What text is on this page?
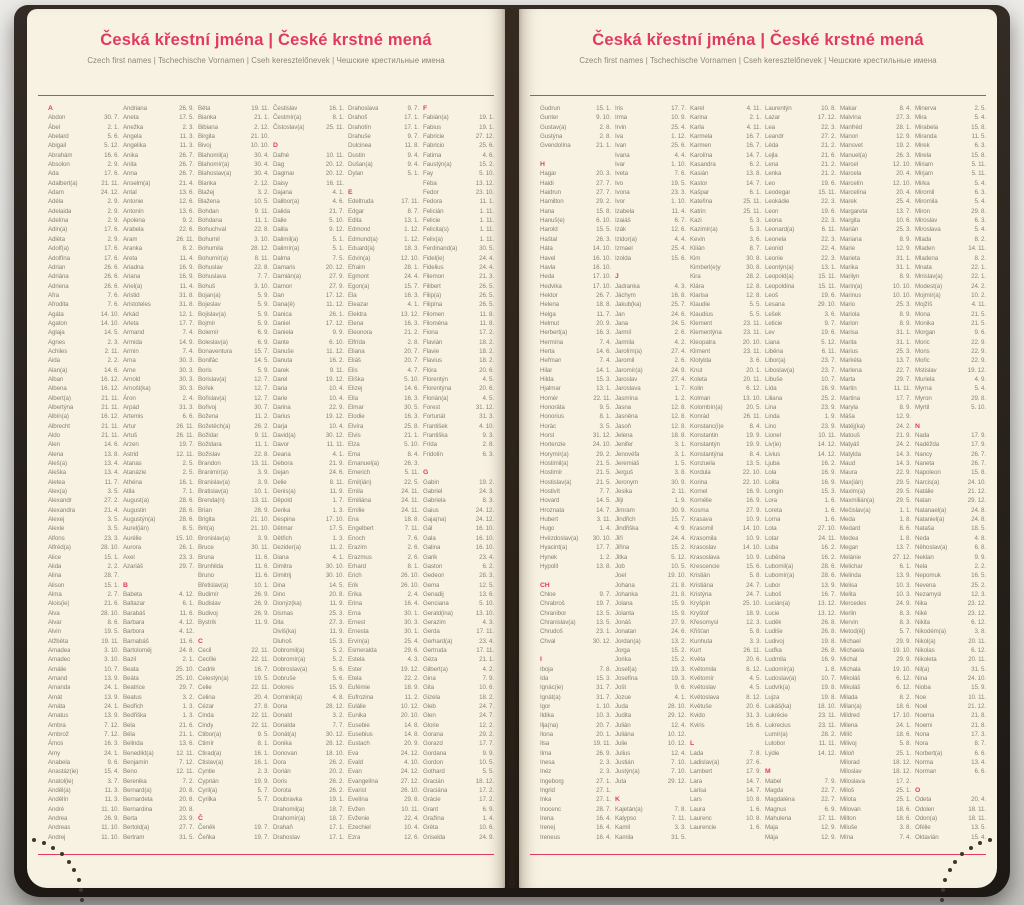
Česká křestní jména | České krstné mená
Czech first names | Tschechische Vornamen | Cseh keresztelőnevek | Чешские крестильные имена
A
Abdon	30. 7.
Ábel	2. 1.
Abelard	5. 6.
Abigail	5. 12.
Abrahám	16. 6.
Absolon	2. 9.
Ada	17. 6.
Adalbert(a)	21. 11.
Adam	24. 12.
Adéla	2. 9.
Adelaida	2. 9.
Adelína	2. 9.
Adin(a)	17. 6.
Adléta	2. 9.
Adolf(a)	17. 6.
Adolfína	17. 6.
Adrian	26. 6.
Adriána	26. 6.
Adriena	26. 6.
Afra	7. 6.
Afrodita	7. 6.
Agáta	14. 10.
Agaton	14. 10.
Aglaja	14. 5.
Agnes	2. 3.
Achiles	2. 11.
Aida	2. 2.
Alan(a)	14. 6.
Alban	16. 12.
Albena	16. 12.
Albert(a)	21. 11.
Albertýna	21. 11.
Albín(a)	16. 12.
Albrecht	21. 11.
Aldo	21. 11.
Alen	14. 6.
Alena	13. 8.
Aleš(a)	13. 4.
Aleška	13. 4.
Aletea	11. 7.
Alex(a)	3. 5.
Alexandr	27. 2.
Alexandra	21. 4.
Alexej	3. 5.
Alexie	3. 5.
Alfons	23. 3.
Alfréd(a)	28. 10.
Alice	15. 1.
Alida	2. 2.
Alina	28. 7.
Alison	15. 1.
Alma	2. 7.
Alois(ie)	21. 6.
Alva	28. 10.
Alvar	8. 6.
Alvin	19. 5.
Alžběta	19. 11.
Amadea	3. 10.
Amadeo	3. 10.
Amálie	10. 7.
Amand	13. 9.
Amanda	24. 1.
Amát	13. 9.
Amáta	24. 1.
Amatus	13. 9.
Ambra	7. 12.
Ambrož	7. 12.
Ámos	16. 3.
Amy	24. 1.
Anabela	9. 6.
Anastáz(ie)	15. 4.
Anatol(ie)	3. 7.
Anděl(a)	11. 3.
Andělín	11. 3.
André	11. 10.
Andrea	26. 9.
Andreas	11. 10.
Andrej	11. 10.
Andriana	26. 9.
Aneta	17. 5.
Anežka	2. 3.
Angela	11. 3.
Angelika	11. 3.
Anika	26. 7.
Anita	26. 7.
Anna	26. 7.
Anselm(a)	21. 4.
Antal	13. 6.
Antonie	12. 6.
Antonín	13. 6.
Apolena	9. 2.
Arabela	22. 6.
Aram	26. 11.
Aranka	8. 2.
Areta	11. 4.
Ariadna	16. 9.
Ariana	16. 9.
Ariel(a)	11. 4.
Aristid	31. 8.
Aristoteles	31. 8.
Arkád	12. 1.
Arleta	17. 7.
Armand	7. 4.
Armida	14. 9.
Armin	7. 4.
Arna	30. 3.
Arne	30. 3.
Arnold	30. 3.
Arnošt(ka)	30. 3.
Áron	2. 4.
Arpád	31. 3.
Artemis	6. 6.
Artur	26. 11.
Artuš	26. 11.
Arzen	19. 7.
Astrid	12. 11.
Atanas	2. 5.
Atanázie	2. 5.
Athéna	16. 1.
Atila	7. 1.
August(a)	28. 6.
Augustin	28. 6.
Augustýn(a)	28. 6.
Aurel(ián)	8. 5.
Aurélie	15. 10.
Aurora	26. 1.
Axel	23. 3.
Azariáš	29. 7.

B
Babeta	4. 12.
Baltazar	6. 1.
Barabáš	11. 6.
Barbara	4. 12.
Barbora	4. 12.
Barnabáš	11. 6.
Bartoloměj	24. 8.
Bazil	2. 1.
Beata	25. 10.
Beáta	25. 10.
Beatrice	29. 7.
Beatus	3. 2.
Bedřich	1. 3.
Bedřiška	1. 3.
Bela	21. 6.
Béla	21. 1.
Belinda	13. 6.
Benedikt(a)	12. 11.
Benjamín	7. 12.
Beno	12. 11.
Berenika	7. 2.
Bernard(a)	20. 8.
Bernardeta	20. 8.
Bernardina	20. 8.
Berta	23. 9.
Bertold(a)	27. 7.
Bertram	31. 5.
Běta	19. 11.
Bianka	21. 1.
Bibiana	2. 12.
Birgita	21. 10.
Bivoj	10. 10.
Blahomil(a)	30. 4.
Blahomír(a)	30. 4.
Blahoslav(a)	30. 4.
Blanka	2. 12.
Blažej	3. 2.
Blažena	10. 5.
Bohdan	9. 11.
Bohdana	11. 1.
Bohuchval	22. 8.
Bohumil	3. 10.
Bohumila	28. 12.
Bohumír(a)	8. 11.
Bohuslav	22. 8.
Bohuslava	7. 7.
Bohuš	3. 10.
Bojan(a)	5. 9.
Bojeslav	5. 9.
Bojislav(a)	5. 9.
Bojmír	5. 9.
Bolemír	6. 9.
Boleslav(a)	6. 9.
Bonaventura	15. 7.
Bonifác	14. 5.
Boris	5. 9.
Borislav(a)	12. 7.
Bořek	12. 7.
Bořislav(a)	12. 7.
Bořivoj	30. 7.
Božena	11. 2.
Božetěch(a)	26. 2.
Božidar	9. 11.
Božidara	11. 1.
Božislav	22. 8.
Brandon	13. 11.
Branimír(a)	3. 9.
Branislav(a)	3. 9.
Bratislav(a)	10. 1.
Brenda(n)	13. 11.
Brian	28. 9.
Brigita	21. 10.
Brit(a)	21. 10.
Bronislav(a)	3. 9.
Bruce	30. 11.
Bruna	11. 6.
Brunhilda	11. 6.
Bruno	11. 6.
Břetislav(a)	10. 1.
Budimír	26. 9.
Budislav	26. 9.
Budivoj	26. 9.
Bystrík	11. 9.

C
Cecil	22. 11.
Cecílie	22. 11.
Cedrik	16. 7.
Celestýn(a)	19. 5.
Celie	22. 11.
Celina	20. 4.
Cézar	27. 8.
Cinda	22. 11.
Cindy	22. 11.
Ctibor(a)	9. 5.
Ctimír	8. 1.
Ctirad(a)	16. 1.
Ctislav(a)	16. 1.
Cyntie	2. 3.
Cyprián	19. 9.
Cyril(a)	5. 7.
Cyrilka	5. 7.

Č
Čeněk	19. 7.
Čeňka	19. 7.
Čestislav	16. 1.
Čestmír(a)	8. 1.
Čistoslav(a)	25. 11.

D
Dafné	10. 11.
Dag	20. 12.
Dagmar	20. 12.
Daisy	16. 11.
Dajana	4. 1.
Dalibor(a)	4. 6.
Dalida	21. 7.
Dalie	5. 10.
Dalila	9. 12.
Dalimil(a)	5. 1.
Dalimír(a)	5. 1.
Dalma	7. 5.
Damaris	20. 12.
Damián(a)	27. 9.
Damon	27. 9.
Dan	17. 12.
Dana(ě)	11. 12.
Danica	26. 1.
Daniel	17. 12.
Daniela	9. 9.
Dante	6. 10.
Danuše	11. 12.
Danuta	16. 2.
Darek	9. 11.
Darel	19. 12.
Daria	10. 4.
Darie	10. 4.
Darina	22. 9.
Darius	19. 12.
Darja	10. 4.
David(a)	30. 12.
Davor	11. 11.
Deana	4. 1.
Debora	21. 9.
Dejan	24. 6.
Delie	8. 11.
Denis(a)	11. 9.
Děpold	1. 7.
Derika	1. 3.
Despina	17. 10.
Dětmar	17. 5.
Dětřich	1. 3.
Dezider(a)	11. 2.
Diana	4. 1.
Dimitra	30. 10.
Dimitrij	30. 10.
Dina	14. 5.
Dino	20. 8.
Dionýz(ka)	11. 9.
Dismas	25. 3.
Dita	27. 3.
Diviš(ka)	11. 9.
Dluhoš	15. 3.
Dobromil(a)	5. 2.
Dobromír(a)	5. 2.
Dobroslav(a)	5. 6.
Dobruše	5. 6.
Dolores	15. 9.
Dominik(a)	4. 8.
Dona	28. 12.
Donald	3. 2.
Donalda	7. 7.
Donát(a)	30. 12.
Donika	28. 12.
Donovan	18. 10.
Dora	26. 2.
Dorián	20. 2.
Doris	26. 2.
Dorota	26. 2.
Doubravka	19. 1.
Drahomil(a)	18. 7.
Drahomír(a)	18. 7.
Drahaň	17. 1.
Drahoslav	17. 1.
Drahoslava	9. 7.
Drahoš	17. 1.
Drahotín	17. 1.
Drahuše	9. 7.
Dulcinea	11. 8.
Dustin	9. 4.
Dušan(a)	9. 4.
Dylan	5. 1.

E
Edeltruda	17. 11.
Edgar	8. 7.
Edita	13. 1.
Edmond	1. 12.
Edmund(a)	1. 12.
Eduard(a)	18. 3.
Edvin(a)	12. 10.
Efraim	28. 1.
Egmont	24. 4.
Egon(a)	15. 7.
Ela	16. 3.
Eleazar	4. 1.
Elektra	13. 12.
Elena	16. 3.
Eleonora	21. 2.
Elfrída	2. 8.
Eliana	20. 7.
Eliáš	20. 7.
Elis	4. 7.
Eliška	5. 10.
Elizej	14. 6.
Ella	16. 3.
Elmar	30. 5.
Elodie	16. 3.
Elvíra	25. 8.
Elvis	21. 1.
Elza	5. 10.
Ema	8. 4.
Emanuel(a)	26. 3.
Emerich	5. 11.
Emil(ián)	22. 5.
Emila	24. 11.
Emiliána	24. 11.
Emílie	24. 11.
Ena	18. 8.
Engelbert	7. 11.
Enoch	7. 6.
Erazim	2. 6.
Erazmus	2. 6.
Erhard	8. 1.
Erich	26. 10.
Erik	26. 10.
Erika	2. 4.
Erina	16. 4.
Erna	30. 1.
Ernest	30. 3.
Ernesta	30. 1.
Ervín(a)	25. 4.
Esmeralda	29. 6.
Estela	4. 3.
Ester	19. 12.
Etela	22. 2.
Eufémie	18. 9.
Eufrozina	11. 2.
Eulálie	10. 12.
Eunika	20. 10.
Eusebie	14. 8.
Eusebius	14. 8.
Eustach	20. 9.
Eva	24. 12.
Evald	4. 10.
Evan	24. 12.
Evangelína	27. 12.
Evarist	26. 10.
Evelína	29. 8.
Evžen	10. 11.
Evženie	22. 4.
Ezechiel	10. 4.
Ezra	12. 6.
F
Fabián(a)	19. 1.
Fabius	19. 1.
Fabricie	27. 12.
Fabricio	25. 6.
Fatima	4. 6.
Faustýn(a)	15. 2.
Fay	5. 10.
Féba	13. 12.
Fedor	23. 10.
Fedora	11. 1.
Felicián	1. 11.
Felicie	1. 11.
Felicita(s)	1. 11.
Felix(a)	1. 11.
Ferdinand(a)	30. 5.
Fidel(ie)	24. 4.
Fidelius	24. 4.
Filemon	21. 3.
Filibert	26. 5.
Filip(a)	26. 5.
Filipína	26. 5.
Filomen	11. 8.
Filoména	11. 8.
Fiona	17. 2.
Flavián	18. 2.
Flavie	18. 2.
Flavius	18. 2.
Flóra	20. 6.
Florentýn	4. 5.
Florentýna	20. 6.
Florián(a)	4. 5.
Forest	31. 12.
Fortunát	31. 3.
František	4. 10.
Františka	9. 3.
Frída	2. 8.
Fridolín	6. 3.

G
Gabin	19. 2.
Gabriel	24. 3.
Gabriela	8. 3.
Gaius	24. 12.
Gaja(na)	24. 12.
Gál	16. 10.
Gala	16. 10.
Galina	16. 10.
Garik	23. 4.
Gaston	6. 2.
Gedeon	28. 3.
Gema	12. 5.
Genadij	13. 6.
Genciana	5. 10.
Gerald(ina)	13. 10.
Gerazim	4. 3.
Gerda	17. 11.
Gerhard(a)	23. 4.
Gertruda	17. 11.
Géza	21. 1.
Gilbert(a)	4. 2.
Gina	7. 9.
Gita	10. 6.
Gizela	18. 2.
Gleb	24. 7.
Glen	24. 7.
Glorie	12. 2.
Gorana	29. 2.
Gorazd	17. 7.
Gordana	9. 9.
Gordon	10. 5.
Gothard	5. 5.
Gracián	18. 12.
Graciána	17. 2.
Grácie	17. 2.
Grant	6. 9.
Gražina	1. 4.
Gréta	10. 6.
Griselda	24. 9.
Česká křestní jména | České krstné mená
Czech first names | Tschechische Vornamen | Cseh keresztelőnevek | Чешские крестильные имена
Gudrun	15. 1.
Gunter	9. 10.
Gustav(a)	2. 8.
Gustýna	2. 8.
Gvendolína	21. 1.

H
Hagar	20. 3.
Haidi	27. 7.
Haidrun	27. 7.
Hamilton	29. 2.
Hana	15. 8.
Hanuš(e)	6. 10.
Harold	15. 5.
Haštal	26. 3.
Háta	14. 10.
Havel	16. 10.
Havla	16. 10.
Heda	17. 10.
Hedvika	17. 10.
Hektor	26. 7.
Helena	18. 8.
Helga	11. 7.
Helmut	20. 9.
Herbert(a)	16. 3.
Hermína	7. 4.
Herta	14. 6.
Heřman	7. 4.
Hilar	14. 1.
Hilda	15. 3.
Hjalmar	13. 1.
Homér	22. 11.
Honoráta	9. 5.
Honorius	8. 1.
Horác	3. 5.
Horst	31. 12.
Hortenzie	24. 10.
Horymír(a)	29. 2.
Hostimil(a)	21. 5.
Hostimír	21. 5.
Hostislav(a)	21. 5.
Hostivít	7. 7.
Hovard	14. 5.
Hroznata	14. 7.
Hubert	3. 11.
Hugo	1. 4.
Hvězdoslav(a) 30. 10.
Hyacint(a)	17. 7.
Hynek	1. 2.
Hypolit	13. 8.

CH
Chloe	9. 7.
Chrabroš	19. 7.
Chranibor	13. 5.
Chranislav(a)	13. 5.
Chrudoš	23. 1.
Chval	30. 12.

I
Iboja	7. 8.
Ida	15. 3.
Ignác(ie)	31. 7.
Ignát(a)	31. 7.
Igor	1. 10.
Ildika	10. 3.
Ilja(na)	20. 7.
Ilona	20. 1.
Ilsa	19. 11.
Ilma	26. 9.
Inesa	2. 3.
Inéz	2. 3.
Ingeborg	27. 1.
Ingrid	27. 1.
Inka	27. 1.
Inocenc	28. 7.
Irena	16. 4.
Irenej	16. 4.
Ireneus	16. 4.
Iris	17. 7.
Irma	10. 9.
Irvin	25. 4.
Iva	1. 12.
Ivan	25. 6.
Ivana	4. 4.
Ivar	1. 10.
Iveta	7. 6.
Ivo	19. 5.
Ivona	23. 3.
Ivor	1. 10.
Izabela	11. 4.
Izaiáš	6. 7.
Izák	12. 6.
Izidor(a)	4. 4.
Izmael	25. 4.
Izolda	15. 6.

J
Jadranka	4. 3.
Jáchym	16. 8.
Jakub(ka)	25. 7.
Jan	24. 6.
Jana	24. 5.
Jarmil	2. 6.
Jarmila	4. 2.
Jarolím(a)	27. 4.
Jaromil	2. 6.
Jaromír(a)	24. 9.
Jaroslav	27. 4.
Jaroslava	1. 7.
Jasmína	1. 2.
Jasna	12. 8.
Jasněna	12. 8.
Jasoň	12. 8.
Jelena	18. 8.
Jenifer	3. 1.
Jenovéfa	3. 1.
Jeremiáš	1. 5.
Jerguš	3. 8.
Jeronym	30. 9.
Jesika	2. 11.
Jiljí	1. 9.
Jimram	30. 9.
Jindřich	15. 7.
Jindřiška	4. 9.
Jiří	24. 4.
Jiřina	15. 2.
Jitka	5. 12.
Job	10. 5.
Joel	19. 10.
Johana	21. 8.
Johanka	21. 8.
Jolana	15. 9.
Jolanta	15. 9.
Jonáš	27. 9.
Jonatan	24. 6.
Jordan(a)	13. 2.
Jorga	15. 2.
Jorika	15. 2.
Josef(a)	19. 3.
Josefína	19. 3.
Jošt	9. 6.
Jozue	4. 1.
Juda	28. 10.
Judita	29. 12.
Julián	12. 4.
Juliána	10. 12.
Julie	10. 12.
Julius	12. 4.
Justián	7. 10.
Justýn(a)	7. 10.
Juta	29. 12.

K
Kajetán(a)	7. 8.
Kalypso	7. 11.
Kamil	3. 3.
Kamila	31. 5.
Karel	4. 11.
Karina	2. 1.
Karla	4. 11.
Karmela	16. 7.
Karmen	16. 7.
Karolína	14. 7.
Kasandra	6. 2.
Kasián	13. 8.
Kastor	14. 7.
Kašpar	6. 1.
Kateřina	25. 11.
Katrin	25. 11.
Kazi	5. 3.
Kazimír(a)	5. 3.
Kevin	3. 6.
Kilián	8. 7.
Kim	30. 8.
Kimberl(e)y	30. 8.
Kira	28. 2.
Klára	12. 8.
Klarisa	12. 8.
Klaudie	5. 5.
Klaudius	5. 5.
Klement	23. 11.
Klementýna	23. 11.
Kleopatra	20. 10.
Kliment	23. 11.
Klotylda	3. 6.
Knut	20. 1.
Koleta	20. 11.
Kolin	6. 12.
Kolman	13. 10.
Kolombín(a)	20. 5.
Konrád	26. 11.
Konstanc(i)e	8. 4.
Konstantin	19. 9.
Konstantýn	19. 9.
Konstantýna	8. 4.
Konzuela	13. 5.
Kordula	22. 10.
Korina	22. 10.
Kornel	16. 9.
Kornélie	16. 9.
Kosma	27. 9.
Krasava	10. 9.
Krasomil	14. 10.
Krasomila	10. 9.
Krasoslav	14. 10.
Krasoslava	10. 9.
Krescencie	15. 6.
Kristián	5. 8.
Kristiána	24. 7.
Kristýna	24. 7.
Kryšpín	25. 10.
Kryštof	18. 9.
Křesomysl	12. 3.
Křišťan	5. 8.
Kunhuta	3. 3.
Kurt	26. 11.
Květa	20. 6.
Květomila	8. 12.
Květomír	4. 5.
Květoslav	4. 5.
Květoslava	8. 12.
Květuše	20. 6.
Kvido	31. 3.
Kviris	16. 6.

L
Lada	7. 8.
Ladislav(a)	27. 6.
Lambert	17. 9.
Lara	14. 7.
Larisa	14. 7.
Lars	10. 8.
Laura	1. 6.
Laurenc	10. 8.
Laurencie	1. 6.
Laurentýn	10. 8.
Lazar	17. 12.
Lea	22. 3.
Leandr	27. 2.
Léda	21. 2.
Lejla	21. 6.
Lena	21. 2.
Lenka	21. 2.
Leo	19. 6.
Leodegar	15. 11.
Leokádie	22. 3.
Leon	19. 6.
Leona	22. 3.
Leonard(a)	6. 11.
Leonela	22. 3.
Leonid	22. 4.
Leonie	22. 3.
Leontýn(a)	13. 1.
Leopold(a)	15. 11.
Leopoldina	15. 11.
Leoš	19. 6.
Lesana	29. 10.
Lešek	3. 6.
Leticie	9. 7.
Lev	19. 6.
Liana	5. 12.
Liběna	6. 11.
Libor(a)	23. 7.
Liboslav(a)	23. 7.
Libuše	10. 7.
Lída	16. 9.
Liliana	25. 2.
Lina	23. 9.
Linda	1. 9.
Lino	23. 9.
Lionel	10. 11.
Liv(ie)	14. 12.
Livius	14. 12.
Ljuba	16. 2.
Lola	16. 9.
Lolita	16. 9.
Longin	15. 3.
Lora	1. 6.
Loreta	1. 6.
Lorna	1. 6.
Lota	27. 10.
Lotar	24. 11.
Luba	16. 2.
Luběna	16. 2.
Lubomil(a)	28. 6.
Lubomír(a)	28. 6.
Lubor	13. 9.
Luboš	16. 7.
Lucián(a)	13. 12.
Lucie	13. 12.
Luděk	26. 8.
Ludiše	26. 8.
Ludivoj	19. 8.
Luďka	26. 8.
Ludmila	16. 9.
Ludomír(a)	1. 8.
Ludoslav(a)	10. 7.
Ludvík(a)	19. 8.
Lujza	19. 8.
Lukáš(ka)	18. 10.
Lukrécie	23. 11.
Lukrecius	23. 11.
Lumír(a)	28. 2.
Lutobor	11. 11.
Lýdie	14. 12.

M
Mabel	7. 9.
Magda	22. 7.
Magdaléna	22. 7.
Magnus	6. 9.
Mahulena	17. 11.
Maja	12. 9.
Mája	12. 9.
Makar	8. 4.
Malvína	27. 3.
Manfréd	28. 1.
Manon	12. 9.
Mansvet	19. 2.
Manuel(a)	26. 3.
Marcel	12. 10.
Marcela	20. 4.
Marcelín	12. 10.
Marcelína	20. 4.
Marek	25. 4.
Margareta	13. 7.
Margita	10. 6.
Marián	25. 3.
Mariana	8. 9.
Marie	12. 9.
Marieta	31. 1.
Marika	31. 1.
Marilyn	8. 9.
Marin(a)	10. 10.
Marinus	10. 10.
Mario	25. 3.
Mariola	8. 9.
Marion	8. 9.
Marisa	31. 1.
Marita	31. 1.
Marius	25. 3.
Markéta	13. 7.
Marlena	22. 7.
Marta	29. 7.
Martin	11. 11.
Martina	17. 7.
Maryla	8. 9.
Máša	12. 9.
Matěj(ka)	24. 2.
Matouš	21. 9.
Matyáš	24. 2.
Matylda	14. 3.
Maud	14. 3.
Maura	22. 9.
Max(ián)	29. 5.
Maxim(a)	29. 5.
Maxmilián(a)	29. 5.
Mečislav(a)	1. 1.
Meda	1. 8.
Medard	8. 6.
Medea	1. 8.
Megan	13. 7.
Melánie	27. 12.
Melichar	6. 1.
Melinda	13. 9.
Melisa	10. 3.
Melita	10. 3.
Mercedes	24. 9.
Merlin	8. 3.
Mervin	8. 3.
Metod(ěj)	5. 7.
Michael	29. 9.
Michaela	19. 10.
Michal	29. 9.
Michala	19. 10.
Mikoláš	6. 12.
Mikuláš	6. 12.
Milada	8. 2.
Milan(a)	18. 6.
Mildred	17. 10.
Milena	24. 1.
Milíč	18. 6.
Milivoj	5. 8.
Miloň	25. 1.
Milorad	18. 12.
Miloslav	18. 12.
Miloslava	17. 2.
Miloš	25. 1.
Milota	25. 1.
Milovan	18. 6.
Milton	18. 6.
Miluše	3. 8.
Mína	7. 4.
Minerva	2. 5.
Mira	5. 4.
Mirabela	15. 8.
Miranda	11. 5.
Mirek	6. 3.
Mirela	15. 8.
Miriam	5. 11.
Mirjam	5. 11.
Mirka	5. 4.
Miromil	6. 3.
Miromila	5. 4.
Miron	29. 8.
Miroslav	6. 3.
Miroslava	5. 4.
Mlada	8. 2.
Mladen	14. 11.
Mladena	8. 2.
Mnata	22. 1.
Mnislav(a)	22. 1.
Modest(a)	24. 2.
Mojmír(a)	10. 2.
Mojžíš	4. 11.
Mona	21. 5.
Monika	21. 5.
Morgan	9. 6.
Moric	22. 9.
Moris	22. 9.
Mořic	22. 9.
Mstislav	19. 12.
Muriela	4. 9.
Myrna	5. 4.
Myron	29. 8.
Myrtil	5. 10.

N
Nada	17. 9.
Naděžda	17. 9.
Nancy	26. 7.
Naneta	26. 7.
Napoleon	15. 8.
Narcis(a)	24. 10.
Natálie	21. 12.
Natan	29. 12.
Natanael(a)	24. 8.
Nataniel(a)	24. 8.
Nataša	18. 5.
Neda	4. 8.
Něhoslav(a)	6. 8.
Neklan	9. 9.
Nela	2. 2.
Nepomuk	16. 5.
Nevena	25. 2.
Nezamysl	12. 3.
Nika	23. 12.
Niké	23. 12.
Nikita	6. 12.
Nikodém(a)	3. 8.
Nikol(a)	20. 11.
Nikolas	6. 12.
Nikoleta	20. 11.
Nil(a)	31. 5.
Nina	24. 10.
Nioba	15. 9.
Noe	10. 11.
Noel	21. 12.
Noema	21. 8.
Noemi	21. 8.
Nona	17. 3.
Nora	8. 7.
Norbert(a)	6. 6.
Norma	13. 4.
Norman	6. 6.

O
Odeta	20. 4.
Odolen	18. 11.
Odon(a)	18. 11.
Ofélie	13. 5.
Oktavián	15. 4.
